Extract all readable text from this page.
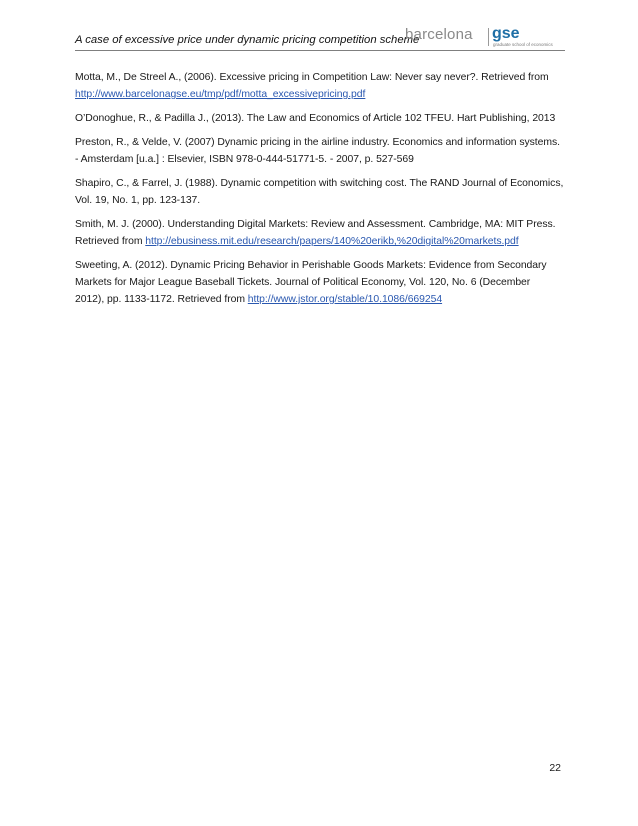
A case of excessive price under dynamic pricing competition scheme
barcelona gse
graduate school of economics

Motta, M., De Streel A., (2006). Excessive pricing in Competition Law: Never say never?. Retrieved from
http://www.barcelonagse.eu/tmp/pdf/motta_excessivepricing.pdf

O’Donoghue, R., & Padilla J., (2013). The Law and Economics of Article 102 TFEU. Hart Publishing, 2013

Preston, R., & Velde, V. (2007) Dynamic pricing in the airline industry. Economics and information systems.
- Amsterdam [u.a.] : Elsevier, ISBN 978-0-444-51771-5. - 2007, p. 527-569

Shapiro, C., & Farrel, J. (1988). Dynamic competition with switching cost. The RAND Journal of Economics,
Vol. 19, No. 1, pp. 123-137.

Smith, M. J. (2000). Understanding Digital Markets: Review and Assessment. Cambridge, MA: MIT Press.
Retrieved from http://ebusiness.mit.edu/research/papers/140%20erikb,%20digital%20markets.pdf

Sweeting, A. (2012). Dynamic Pricing Behavior in Perishable Goods Markets: Evidence from Secondary
Markets for Major League Baseball Tickets. Journal of Political Economy, Vol. 120, No. 6 (December
2012), pp. 1133-1172. Retrieved from http://www.jstor.org/stable/10.1086/669254

22
